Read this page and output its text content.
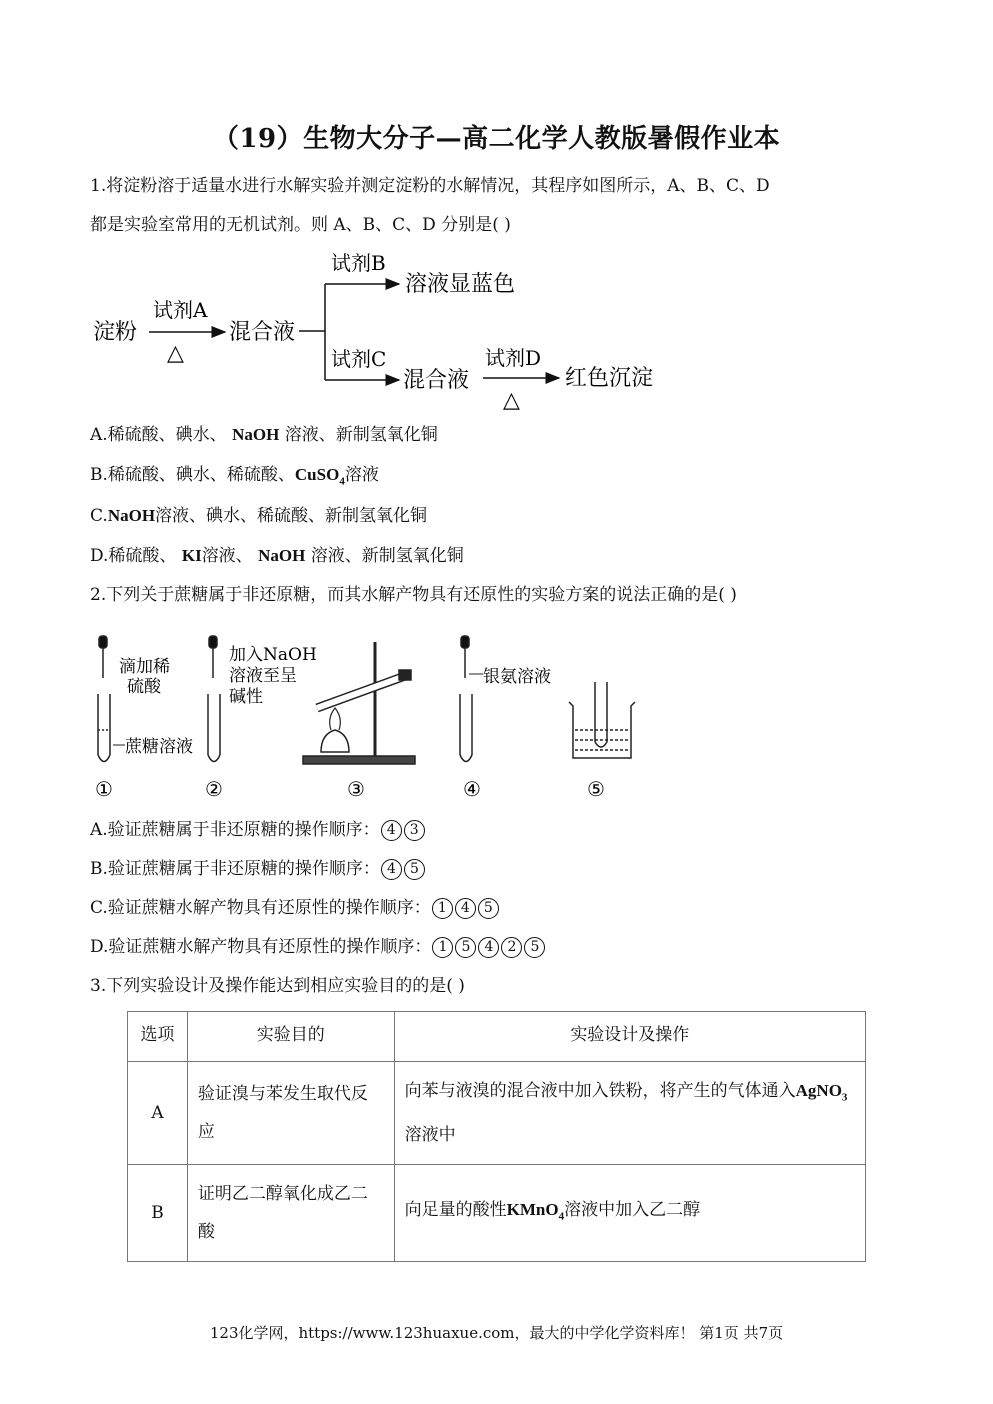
（19）生物大分子—高二化学人教版暑假作业本
1.将淀粉溶于适量水进行水解实验并测定淀粉的水解情况，其程序如图所示，A、B、C、D
都是实验室常用的无机试剂。则 A、B、C、D 分别是( )
淀粉
试剂A
△
混合液
试剂B
溶液显蓝色
试剂C
混合液
试剂D
△
红色沉淀
A.稀硫酸、碘水、 NaOH 溶液、新制氢氧化铜
B.稀硫酸、碘水、稀硫酸、CuSO$_4$溶液
C.NaOH溶液、碘水、稀硫酸、新制氢氧化铜
D.稀硫酸、 KI溶液、 NaOH 溶液、新制氢氧化铜
2.下列关于蔗糖属于非还原糖，而其水解产物具有还原性的实验方案的说法正确的是( )
滴加稀
硫酸
蔗糖溶液
加入NaOH
溶液至呈
碱性
银氨溶液
①	②	③	④	⑤
A.验证蔗糖属于非还原糖的操作顺序： 4 3
B.验证蔗糖属于非还原糖的操作顺序： 4 5
C.验证蔗糖水解产物具有还原性的操作顺序： 1 4 5
D.验证蔗糖水解产物具有还原性的操作顺序： 1 5 4 2 5
3.下列实验设计及操作能达到相应实验目的的是( )
选项	实验目的	实验设计及操作
A	验证溴与苯发生取代反应	向苯与液溴的混合液中加入铁粉，将产生的气体通入AgNO$_3$溶液中
B	证明乙二醇氧化成乙二酸	向足量的酸性KMnO$_4$溶液中加入乙二醇
123化学网，https://www.123huaxue.com，最大的中学化学资料库！ 第1页 共7页
